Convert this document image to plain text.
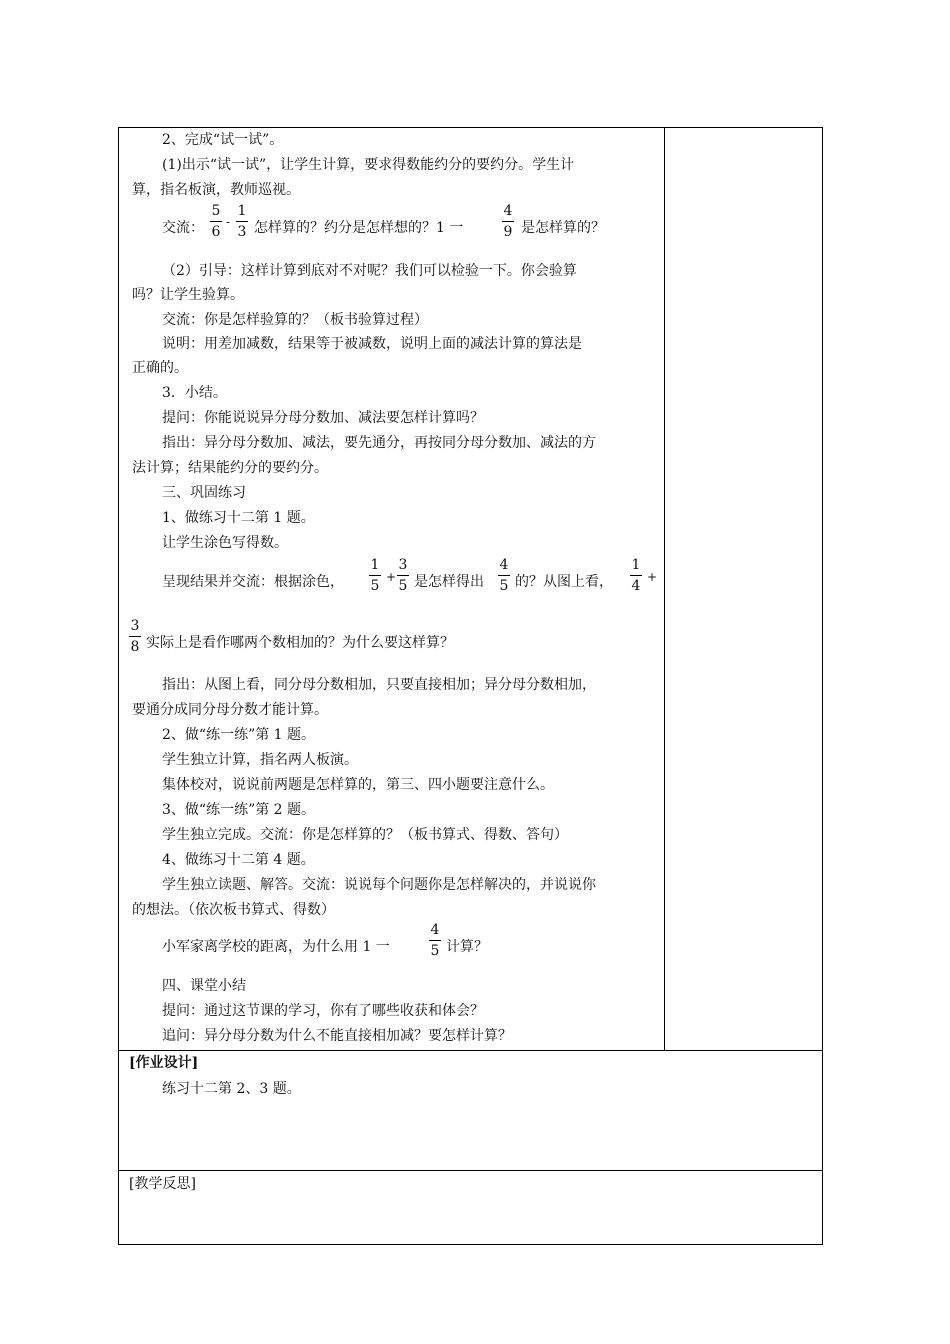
2、完成“试一试”。
(1)出示“试一试”，让学生计算，要求得数能约分的要约分。学生计
算，指名板演，教师巡视。
交流：
5
6
-
1
3 怎样算的？约分是怎样想的？1 一
4
9 是怎样算的？
（2）引导：这样计算到底对不对呢？我们可以检验一下。你会验算
吗？让学生验算。
交流：你是怎样验算的？（板书验算过程）
说明：用差加减数，结果等于被减数，说明上面的减法计算的算法是
正确的。
3．小结。
提问：你能说说异分母分数加、减法要怎样计算吗？
指出：异分母分数加、减法，要先通分，再按同分母分数加、减法的方
法计算；结果能约分的要约分。
三、巩固练习
1、做练习十二第 1 题。
让学生涂色写得数。
呈现结果并交流：根据涂色，
1
5
+
3
5 是怎样得出
4
5 的？从图上看，
1
4
+
3
8 实际上是看作哪两个数相加的？为什么要这样算？
指出：从图上看，同分母分数相加，只要直接相加；异分母分数相加，
要通分成同分母分数才能计算。
2、做“练一练”第 1 题。
学生独立计算，指名两人板演。
集体校对，说说前两题是怎样算的，第三、四小题要注意什么。
3、做“练一练”第 2 题。
学生独立完成。交流：你是怎样算的？（板书算式、得数、答句）
4、做练习十二第 4 题。
学生独立读题、解答。交流：说说每个问题你是怎样解决的，并说说你
的想法。（依次板书算式、得数）
小军家离学校的距离，为什么用 1 一
4
5 计算？
四、课堂小结
提问：通过这节课的学习，你有了哪些收获和体会？
追问：异分母分数为什么不能直接相加减？要怎样计算？
[作业设计]
练习十二第 2、3 题。
[教学反思]
